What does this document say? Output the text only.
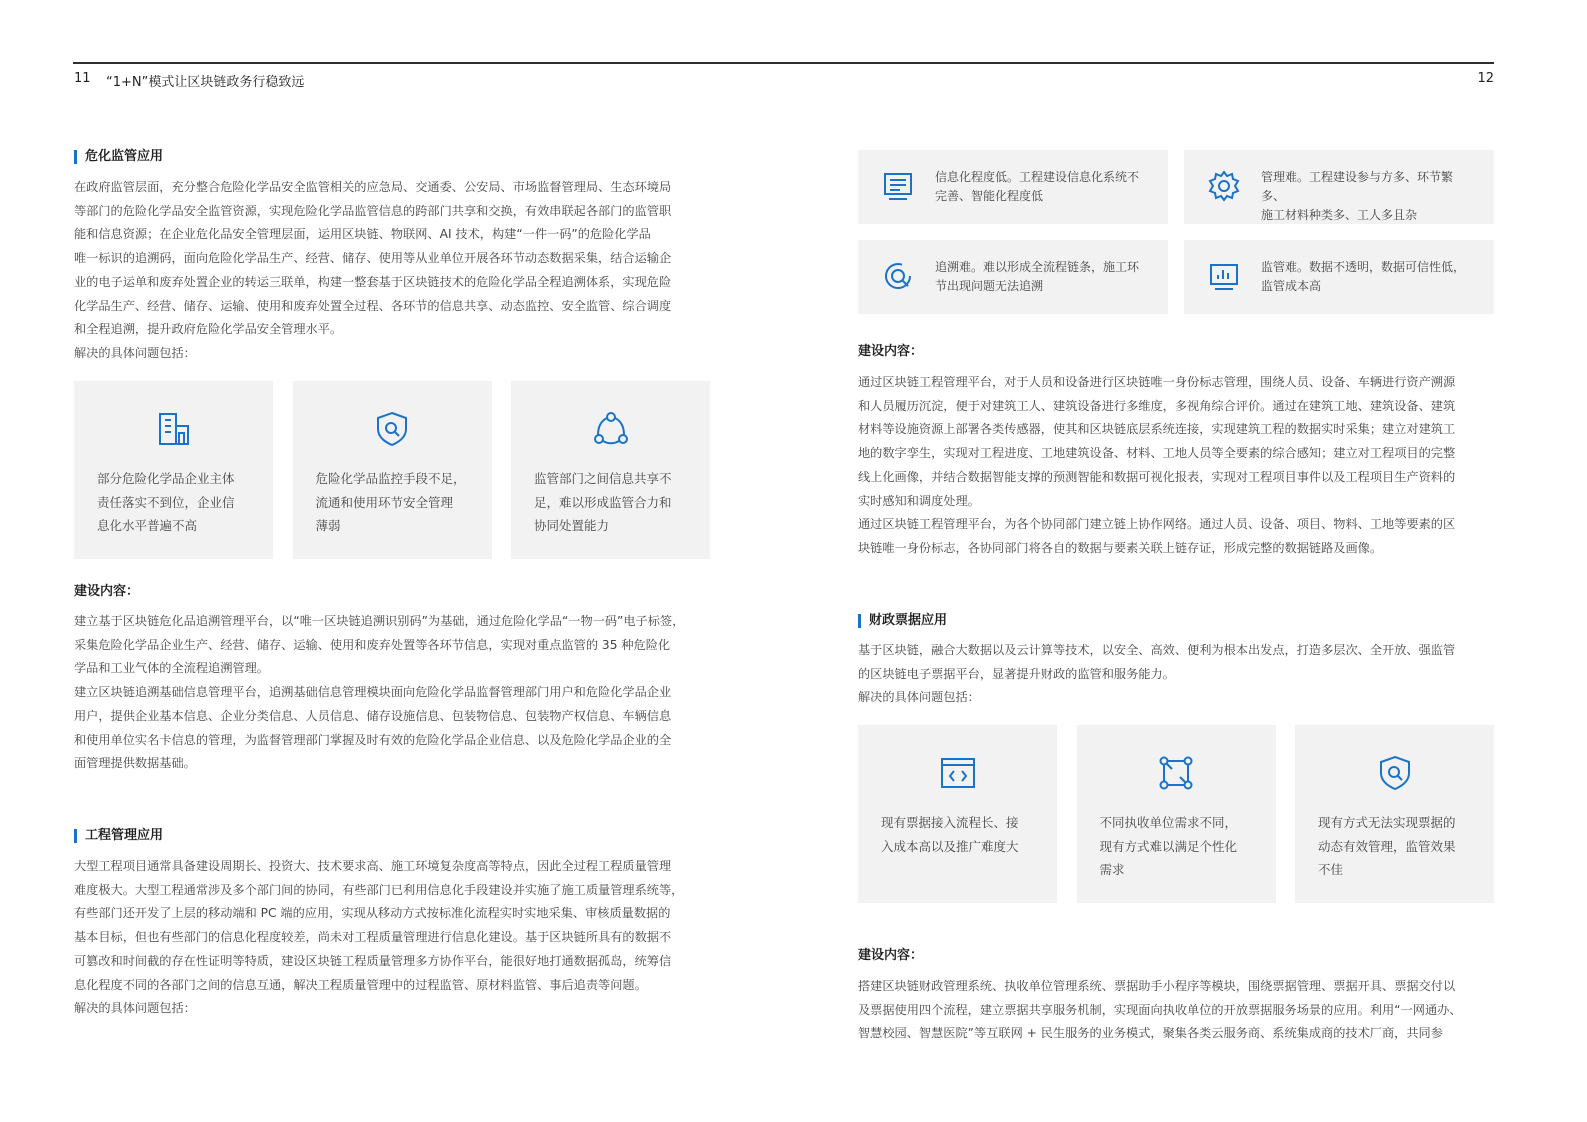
11 “1+N”模式让区块链政务行稳致远	12
危化监管应用

在政府监管层面，充分整合危险化学品安全监管相关的应急局、交通委、公安局、市场监督管理局、生态环境局

等部门的危险化学品安全监管资源，实现危险化学品监管信息的跨部门共享和交换，有效串联起各部门的监管职

能和信息资源；在企业危化品安全管理层面，运用区块链、物联网、AI 技术，构建“一件一码”的危险化学品

唯一标识的追溯码，面向危险化学品生产、经营、储存、使用等从业单位开展各环节动态数据采集，结合运输企

业的电子运单和废弃处置企业的转运三联单，构建一整套基于区块链技术的危险化学品全程追溯体系，实现危险

化学品生产、经营、储存、运输、使用和废弃处置全过程、各环节的信息共享、动态监控、安全监管、综合调度

和全程追溯，提升政府危险化学品安全管理水平。

解决的具体问题包括：

部分危险化学品企业主体
责任落实不到位，企业信
息化水平普遍不高
危险化学品监控手段不足，
流通和使用环节安全管理
薄弱
监管部门之间信息共享不
足，难以形成监管合力和
协同处置能力
建设内容：

建立基于区块链危化品追溯管理平台，以“唯一区块链追溯识别码”为基础，通过危险化学品“一物一码”电子标签，

采集危险化学品企业生产、经营、储存、运输、使用和废弃处置等各环节信息，实现对重点监管的 35 种危险化

学品和工业气体的全流程追溯管理。

建立区块链追溯基础信息管理平台，追溯基础信息管理模块面向危险化学品监督管理部门用户和危险化学品企业

用户，提供企业基本信息、企业分类信息、人员信息、储存设施信息、包装物信息、包装物产权信息、车辆信息

和使用单位实名卡信息的管理，为监督管理部门掌握及时有效的危险化学品企业信息、以及危险化学品企业的全

面管理提供数据基础。

工程管理应用

大型工程项目通常具备建设周期长、投资大、技术要求高、施工环境复杂度高等特点，因此全过程工程质量管理

难度极大。大型工程通常涉及多个部门间的协同，有些部门已利用信息化手段建设并实施了施工质量管理系统等，

有些部门还开发了上层的移动端和 PC 端的应用，实现从移动方式按标准化流程实时实地采集、审核质量数据的

基本目标，但也有些部门的信息化程度较差，尚未对工程质量管理进行信息化建设。基于区块链所具有的数据不

可篡改和时间截的存在性证明等特质，建设区块链工程质量管理多方协作平台，能很好地打通数据孤岛，统筹信

息化程度不同的各部门之间的信息互通，解决工程质量管理中的过程监管、原材料监管、事后追责等问题。

解决的具体问题包括：

信息化程度低。工程建设信息化系统不
完善、智能化程度低
管理难。工程建设参与方多、环节繁多、
施工材料种类多、工人多且杂
追溯难。难以形成全流程链条，施工环
节出现问题无法追溯
监管难。数据不透明，数据可信性低，
监管成本高
建设内容：

通过区块链工程管理平台，对于人员和设备进行区块链唯一身份标志管理，围绕人员、设备、车辆进行资产溯源

和人员履历沉淀，便于对建筑工人、建筑设备进行多维度，多视角综合评价。通过在建筑工地、建筑设备、建筑

材料等设施资源上部署各类传感器，使其和区块链底层系统连接，实现建筑工程的数据实时采集；建立对建筑工

地的数字孪生，实现对工程进度、工地建筑设备、材料、工地人员等全要素的综合感知；建立对工程项目的完整

线上化画像，并结合数据智能支撑的预测智能和数据可视化报表，实现对工程项目事件以及工程项目生产资料的

实时感知和调度处理。

通过区块链工程管理平台，为各个协同部门建立链上协作网络。通过人员、设备、项目、物料、工地等要素的区

块链唯一身份标志，各协同部门将各自的数据与要素关联上链存证，形成完整的数据链路及画像。

财政票据应用

基于区块链，融合大数据以及云计算等技术，以安全、高效、便利为根本出发点，打造多层次、全开放、强监管

的区块链电子票据平台，显著提升财政的监管和服务能力。

解决的具体问题包括：

现有票据接入流程长、接
入成本高以及推广难度大
不同执收单位需求不同，
现有方式难以满足个性化
需求
现有方式无法实现票据的
动态有效管理，监管效果
不佳
建设内容：

搭建区块链财政管理系统、执收单位管理系统、票据助手小程序等模块，围绕票据管理、票据开具、票据交付以

及票据使用四个流程，建立票据共享服务机制，实现面向执收单位的开放票据服务场景的应用。利用“一网通办、

智慧校园、智慧医院”等互联网 + 民生服务的业务模式，聚集各类云服务商、系统集成商的技术厂商，共同参
